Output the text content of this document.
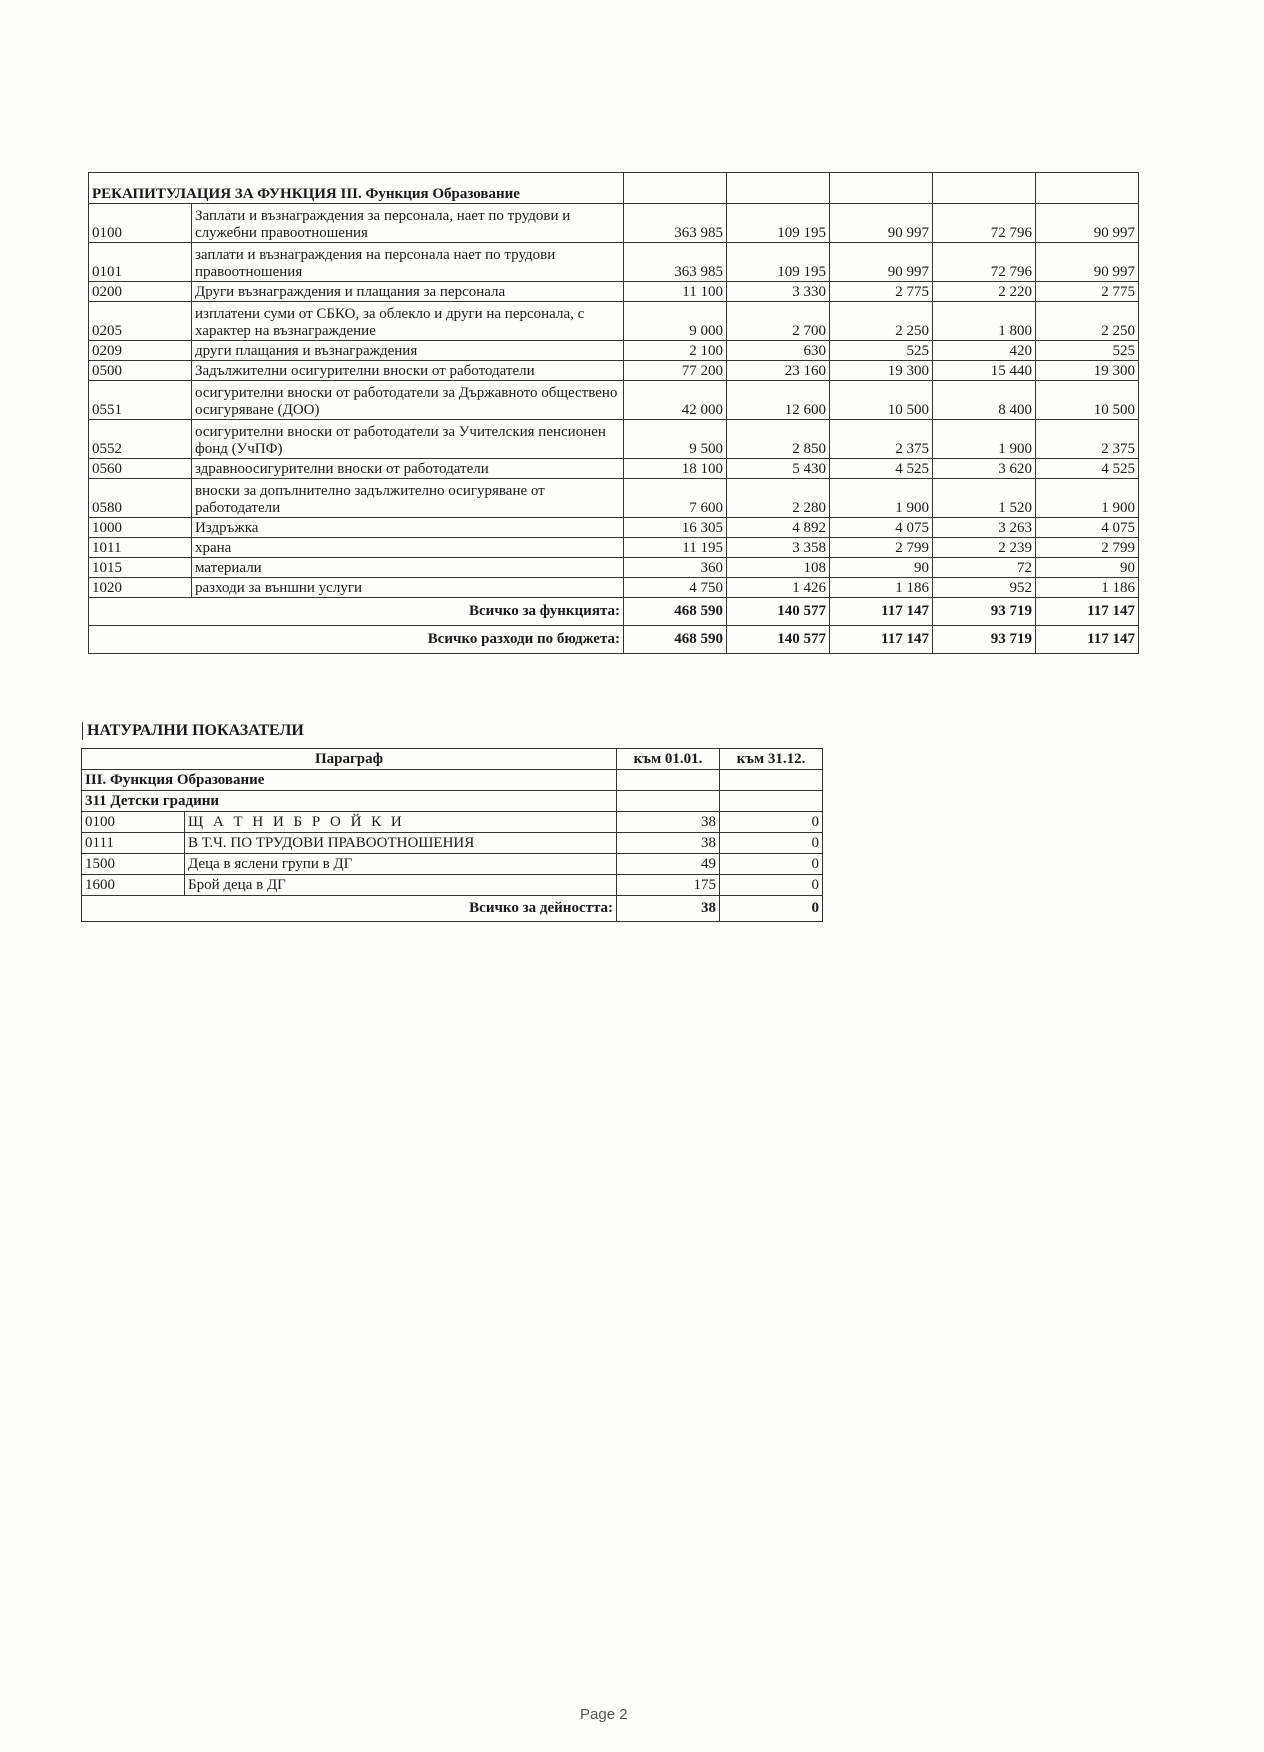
РЕКАПИТУЛАЦИЯ ЗА ФУНКЦИЯ III. Функция Образование						
0100	Заплати и възнаграждения за персонала, нает по трудови и служебни правоотношения	363 985	109 195	90 997	72 796	90 997
0101	заплати и възнаграждения на персонала нает по трудови правоотношения	363 985	109 195	90 997	72 796	90 997
0200	Други възнаграждения и плащания за персонала	11 100	3 330	2 775	2 220	2 775
0205	изплатени суми от СБКО, за облекло и други на персонала, с характер на възнаграждение	9 000	2 700	2 250	1 800	2 250
0209	други плащания и възнаграждения	2 100	630	525	420	525
0500	Задължителни осигурителни вноски от работодатели	77 200	23 160	19 300	15 440	19 300
0551	осигурителни вноски от работодатели за Държавното обществено осигуряване (ДОО)	42 000	12 600	10 500	8 400	10 500
0552	осигурителни вноски от работодатели за Учителския пенсионен фонд (УчПФ)	9 500	2 850	2 375	1 900	2 375
0560	здравноосигурителни вноски от работодатели	18 100	5 430	4 525	3 620	4 525
0580	вноски за допълнително задължително осигуряване от работодатели	7 600	2 280	1 900	1 520	1 900
1000	Издръжка	16 305	4 892	4 075	3 263	4 075
1011	храна	11 195	3 358	2 799	2 239	2 799
1015	материали	360	108	90	72	90
1020	разходи за външни услуги	4 750	1 426	1 186	952	1 186
Всичко за функцията:		468 590	140 577	117 147	93 719	117 147
Всичко разходи по бюджета:		468 590	140 577	117 147	93 719	117 147
НАТУРАЛНИ ПОКАЗАТЕЛИ
Параграф		към 01.01.	към 31.12.
III. Функция Образование			
311 Детски градини			
0100	Щ А Т Н И Б Р О Й К И	38	0
0111	В Т.Ч. ПО ТРУДОВИ ПРАВООТНОШЕНИЯ	38	0
1500	Деца в яслени групи в ДГ	49	0
1600	Брой деца в ДГ	175	0
Всичко за дейността:		38	0
Page 2
